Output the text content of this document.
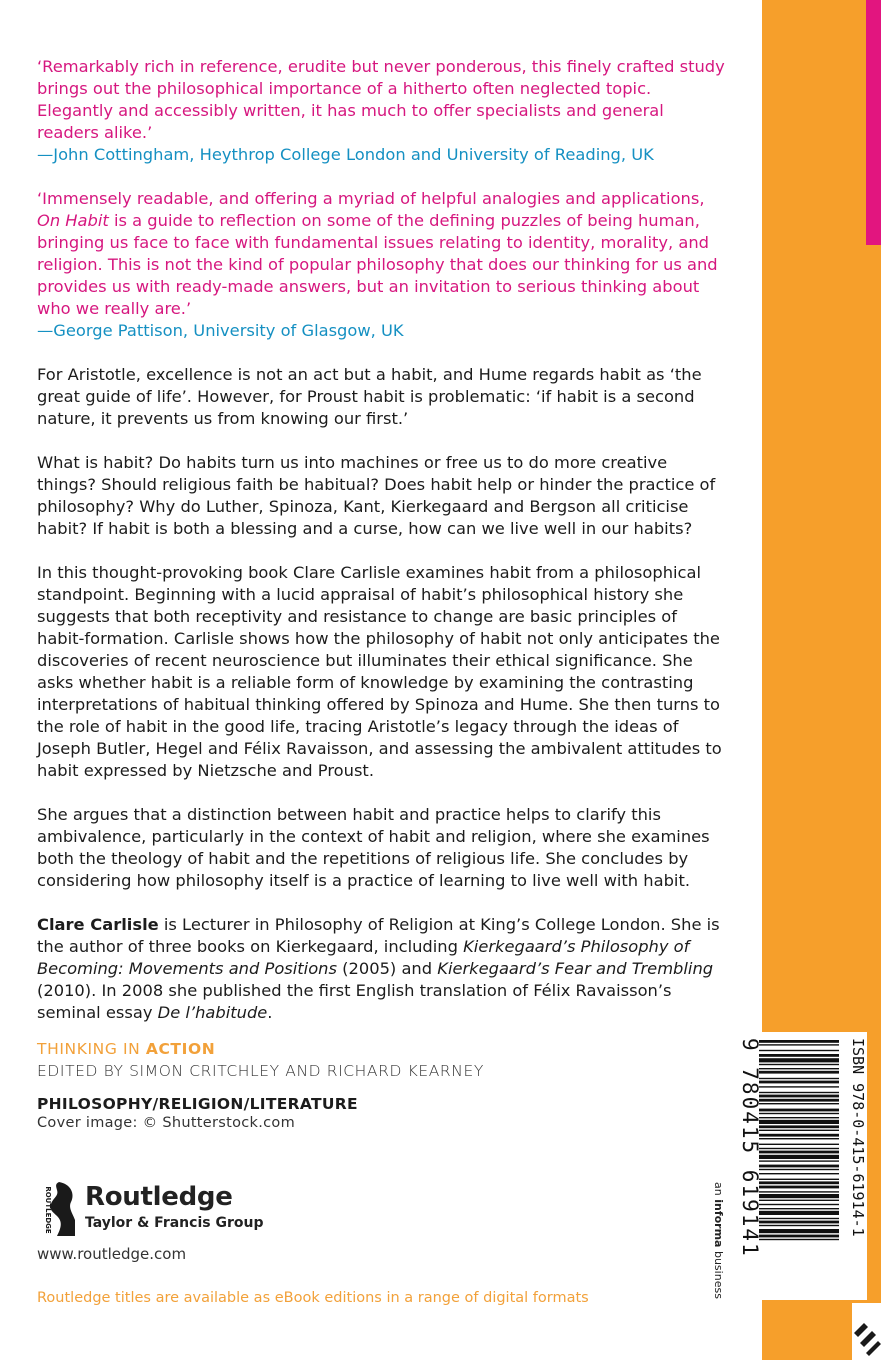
‘Remarkably rich in reference, erudite but never ponderous, this finely crafted study brings out the philosophical importance of a hitherto often neglected topic. Elegantly and accessibly written, it has much to offer specialists and general readers alike.’

—John Cottingham, Heythrop College London and University of Reading, UK

‘Immensely readable, and offering a myriad of helpful analogies and applications, On Habit is a guide to reflection on some of the defining puzzles of being human, bringing us face to face with fundamental issues relating to identity, morality, and religion. This is not the kind of popular philosophy that does our thinking for us and provides us with ready-made answers, but an invitation to serious thinking about who we really are.’

—George Pattison, University of Glasgow, UK

For Aristotle, excellence is not an act but a habit, and Hume regards habit as ‘the great guide of life’. However, for Proust habit is problematic: ‘if habit is a second nature, it prevents us from knowing our first.’

What is habit? Do habits turn us into machines or free us to do more creative things? Should religious faith be habitual? Does habit help or hinder the practice of philosophy? Why do Luther, Spinoza, Kant, Kierkegaard and Bergson all criticise habit? If habit is both a blessing and a curse, how can we live well in our habits?

In this thought-provoking book Clare Carlisle examines habit from a philosophical standpoint. Beginning with a lucid appraisal of habit’s philosophical history she suggests that both receptivity and resistance to change are basic principles of habit-formation. Carlisle shows how the philosophy of habit not only anticipates the discoveries of recent neuroscience but illuminates their ethical significance. She asks whether habit is a reliable form of knowledge by examining the contrasting interpretations of habitual thinking offered by Spinoza and Hume. She then turns to the role of habit in the good life, tracing Aristotle’s legacy through the ideas of Joseph Butler, Hegel and Félix Ravaisson, and assessing the ambivalent attitudes to habit expressed by Nietzsche and Proust.

She argues that a distinction between habit and practice helps to clarify this ambivalence, particularly in the context of habit and religion, where she examines both the theology of habit and the repetitions of religious life. She concludes by considering how philosophy itself is a practice of learning to live well with habit.

Clare Carlisle is Lecturer in Philosophy of Religion at King’s College London. She is the author of three books on Kierkegaard, including Kierkegaard’s Philosophy of Becoming: Movements and Positions (2005) and Kierkegaard’s Fear and Trembling (2010). In 2008 she published the first English translation of Félix Ravaisson’s seminal essay De l’habitude.

THINKING IN ACTION
EDITED BY SIMON CRITCHLEY AND RICHARD KEARNEY
PHILOSOPHY/RELIGION/LITERATURE
Cover image: © Shutterstock.com
ROUTLEDGE Routledge
Taylor & Francis Group
www.routledge.com
Routledge titles are available as eBook editions in a range of digital formats
ISBN 978-0-415-61914-1
9 780415 619141
an informa business
